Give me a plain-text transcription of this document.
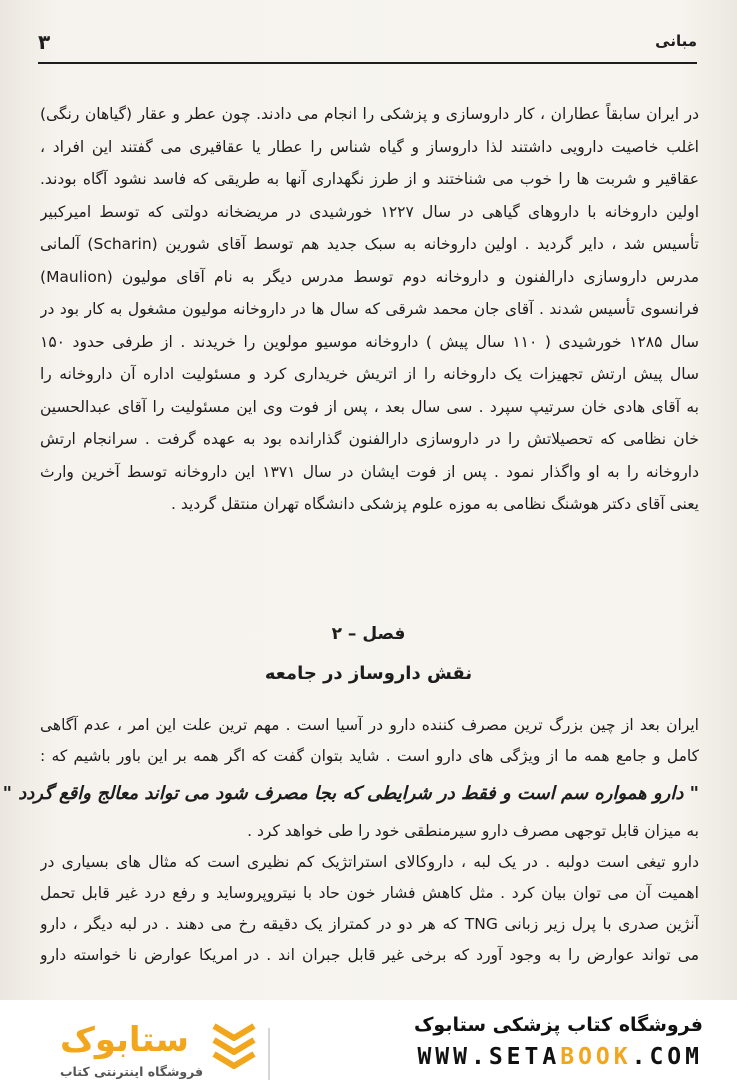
مبانی
۳
در ایران سابقاً عطاران ، کار داروسازی و پزشکی را انجام می دادند. چون عطر و عقار (گیاهان رنگی)
اغلب خاصیت دارویی داشتند لذا داروساز و گیاه شناس را عطار یا عقاقیری می گفتند این افراد ،
عقاقیر و شربت ها را خوب می شناختند و از طرز نگهداری آنها به طریقی که فاسد نشود آگاه بودند.
اولین داروخانه با داروهای گیاهی در سال ۱۲۲۷ خورشیدی در مریضخانه دولتی که توسط امیرکبیر
تأسیس شد ، دایر گردید . اولین داروخانه به سبک جدید هم توسط آقای شورین (Scharin) آلمانی
مدرس داروسازی دارالفنون و داروخانه دوم توسط مدرس دیگر به نام آقای مولیون (Maulion)
فرانسوی تأسیس شدند . آقای جان محمد شرقی که سال ها در داروخانه مولیون مشغول به کار بود در
سال ۱۲۸۵ خورشیدی ( ۱۱۰ سال پیش ) داروخانه موسیو مولوین را خریدند . از طرفی حدود ۱۵۰
سال پیش ارتش تجهیزات یک داروخانه را از اتریش خریداری کرد و مسئولیت اداره آن داروخانه را
به آقای هادی خان سرتیپ سپرد . سی سال بعد ، پس از فوت وی این مسئولیت را آقای عبدالحسین
خان نظامی که تحصیلاتش را در داروسازی دارالفنون گذارانده بود به عهده گرفت . سرانجام ارتش
داروخانه را به او واگذار نمود . پس از فوت ایشان در سال ۱۳۷۱ این داروخانه توسط آخرین وارث
یعنی آقای دکتر هوشنگ نظامی به موزه علوم پزشکی دانشگاه تهران منتقل گردید .
فصل – ۲
نقش داروساز در جامعه
ایران بعد از چین بزرگ ترین مصرف کننده دارو در آسیا است . مهم ترین علت این امر ، عدم آگاهی
کامل و جامع همه ما از ویژگی های دارو است . شاید بتوان گفت که اگر همه بر این باور باشیم که :
" دارو همواره سم است و فقط در شرایطی که بجا مصرف شود می تواند معالج واقع گردد "
به میزان قابل توجهی مصرف دارو سیرمنطقی خود را طی خواهد کرد .
دارو تیغی است دولبه . در یک لبه ، داروکالای استراتژیک کم نظیری است که مثال های بسیاری در
اهمیت آن می توان بیان کرد . مثل کاهش فشار خون حاد با نیتروپروساید و رفع درد غیر قابل تحمل
آنژین صدری با پرل زیر زبانی TNG که هر دو در کمتراز یک دقیقه رخ می دهند . در لبه دیگر ، دارو
می تواند عوارض را به وجود آورد که برخی غیر قابل جبران اند . در امریکا عوارض نا خواسته دارو
ستابوک
فروشگاه اینترنتی کتاب
فروشگاه کتاب پزشکی ستابوک
WWW.SETABOOK.COM
